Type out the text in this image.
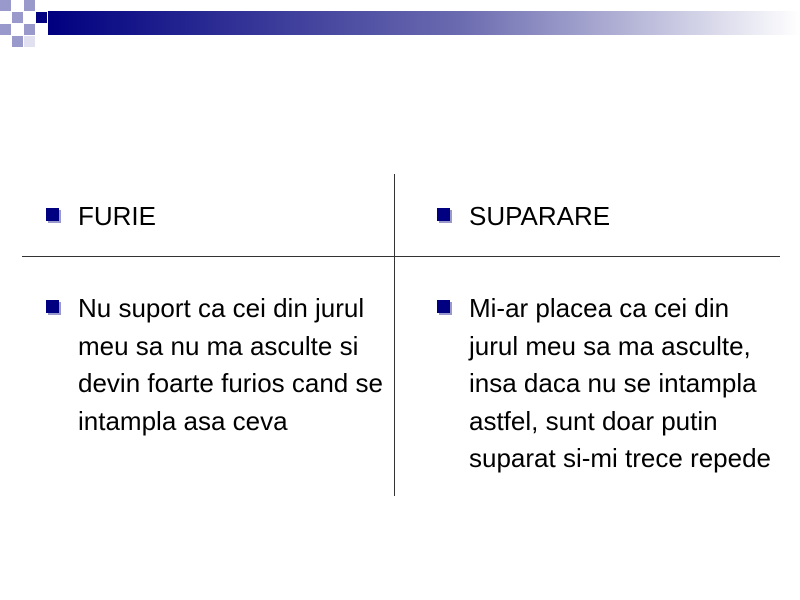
FURIE
Nu suport ca cei din jurul meu sa nu ma asculte si devin foarte furios cand se intampla asa ceva
SUPARARE
Mi-ar placea ca cei din jurul meu sa ma asculte, insa daca nu se intampla astfel, sunt doar putin suparat si-mi trece repede
